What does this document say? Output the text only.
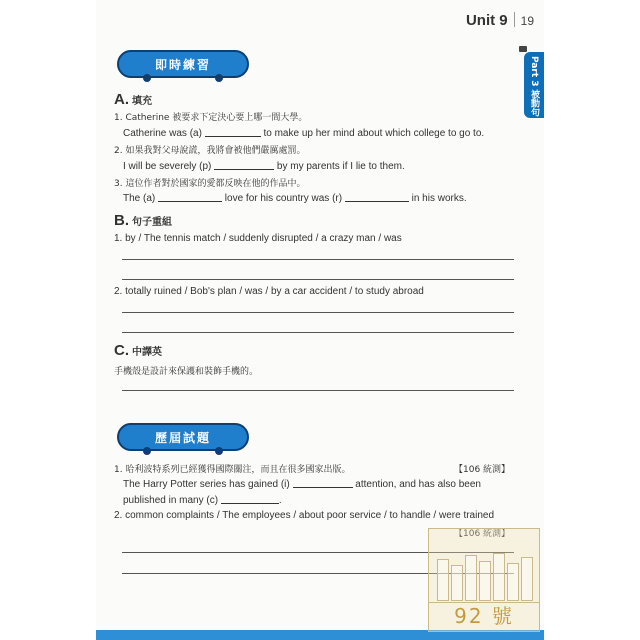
Unit 9 19
Part 3 被動句
即時練習
A. 填充
1. Catherine 被要求下定決心要上哪一間大學。
Catherine was (a)	to make up her mind about which college to go to.
2. 如果我對父母說謊，我將會被他們嚴厲處罰。
I will be severely (p)	by my parents if I lie to them.
3. 這位作者對於國家的愛都反映在他的作品中。
The (a)	love for his country was (r)	in his works.
B. 句子重組
1. by / The tennis match / suddenly disrupted / a crazy man / was
2. totally ruined / Bob's plan / was / by a car accident / to study abroad
C. 中譯英
手機殼是設計來保護和裝飾手機的。
歷屆試題
1. 哈利波特系列已經獲得國際關注，而且在很多國家出版。	【106 統測】
The Harry Potter series has gained (i)	attention, and has also been
published in many (c)	.
2. common complaints / The employees / about poor service / to handle / were trained
【106 統測】
92 號
